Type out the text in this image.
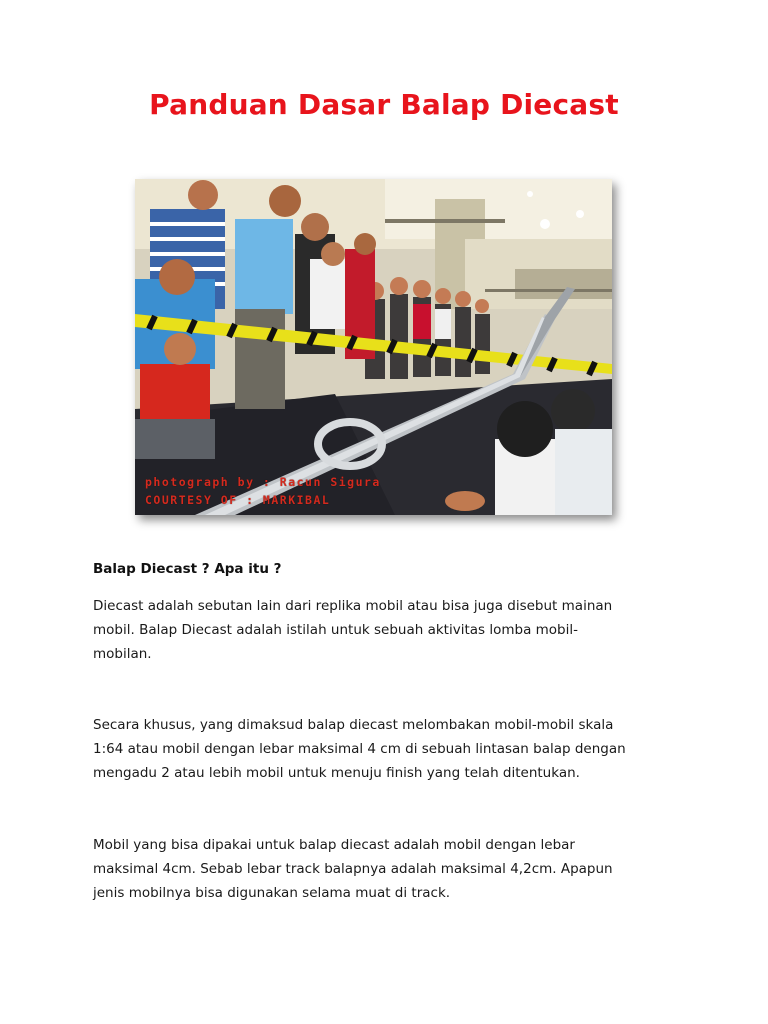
Panduan Dasar Balap Diecast
photograph by : Racun Sigura
COURTESY OF : MARKIBAL
Balap Diecast ? Apa itu ?

Diecast adalah sebutan lain dari replika mobil atau bisa juga disebut mainan
mobil. Balap Diecast adalah istilah untuk sebuah aktivitas lomba mobil-
mobilan.

Secara khusus, yang dimaksud balap diecast melombakan mobil-mobil skala
1:64 atau mobil dengan lebar maksimal 4 cm di sebuah lintasan balap dengan
mengadu 2 atau lebih mobil untuk menuju finish yang telah ditentukan.

Mobil yang bisa dipakai untuk balap diecast adalah mobil dengan lebar
maksimal 4cm. Sebab lebar track balapnya adalah maksimal 4,2cm. Apapun
jenis mobilnya bisa digunakan selama muat di track.
